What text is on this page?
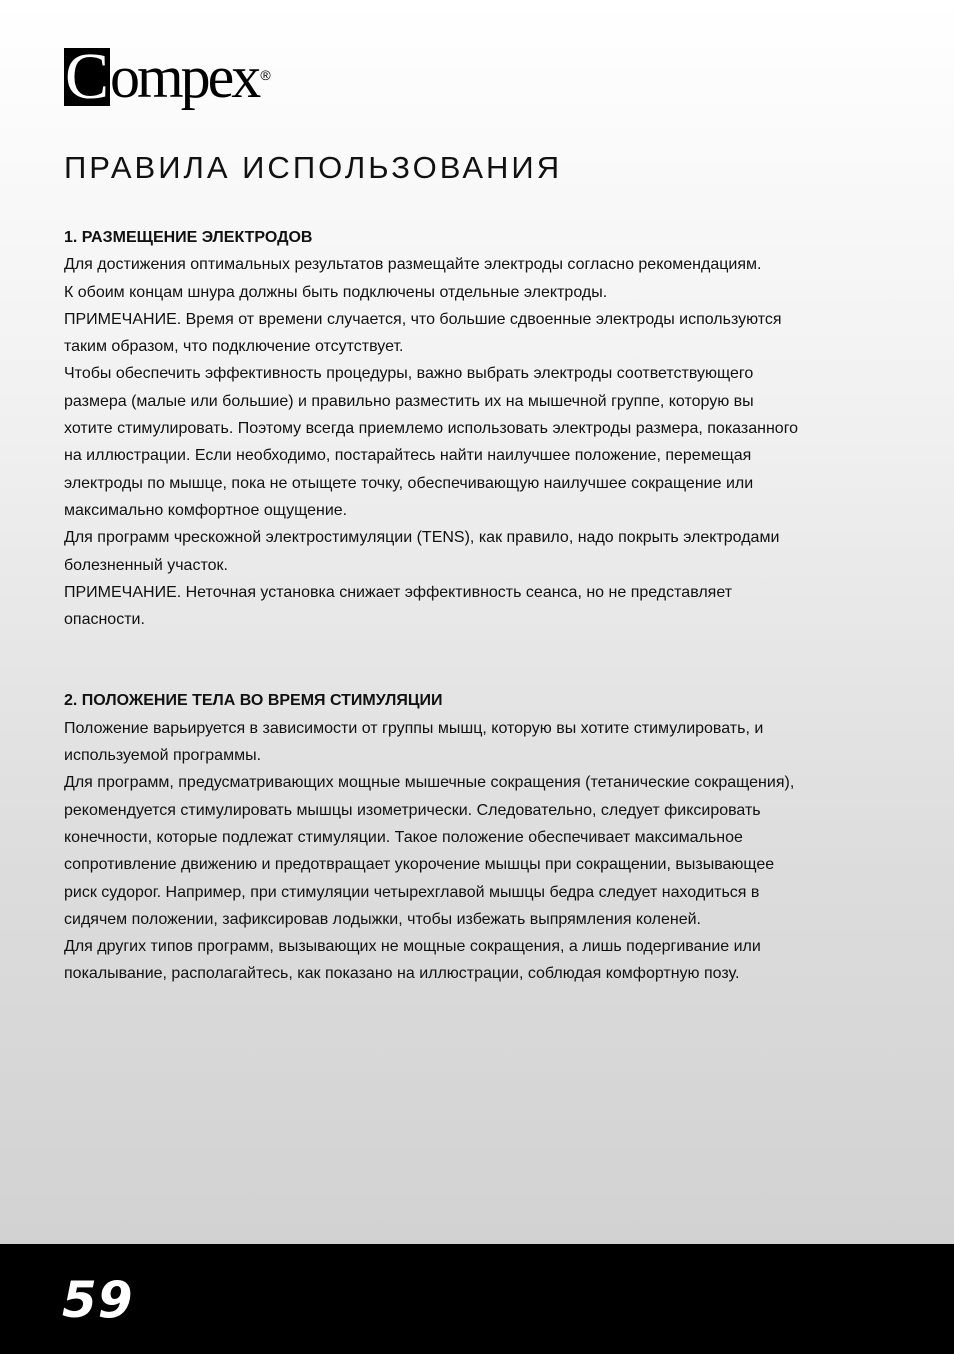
C ompex ®
ПРАВИЛА ИСПОЛЬЗОВАНИЯ

1. РАЗМЕЩЕНИЕ ЭЛЕКТРОДОВ

Для достижения оптимальных результатов размещайте электроды согласно рекомендациям.

К обоим концам шнура должны быть подключены отдельные электроды.

ПРИМЕЧАНИЕ. Время от времени случается, что большие сдвоенные электроды используются

таким образом, что подключение отсутствует.

Чтобы обеспечить эффективность процедуры, важно выбрать электроды соответствующего

размера (малые или большие) и правильно разместить их на мышечной группе, которую вы

хотите стимулировать. Поэтому всегда приемлемо использовать электроды размера, показанного

на иллюстрации. Если необходимо, постарайтесь найти наилучшее положение, перемещая

электроды по мышце, пока не отыщете точку, обеспечивающую наилучшее сокращение или

максимально комфортное ощущение.

Для программ чрескожной электростимуляции (TENS), как правило, надо покрыть электродами

болезненный участок.

ПРИМЕЧАНИЕ. Неточная установка снижает эффективность сеанса, но не представляет

опасности.

2. ПОЛОЖЕНИЕ ТЕЛА ВО ВРЕМЯ СТИМУЛЯЦИИ

Положение варьируется в зависимости от группы мышц, которую вы хотите стимулировать, и

используемой программы.

Для программ, предусматривающих мощные мышечные сокращения (тетанические сокращения),

рекомендуется стимулировать мышцы изометрически. Следовательно, следует фиксировать

конечности, которые подлежат стимуляции. Такое положение обеспечивает максимальное

сопротивление движению и предотвращает укорочение мышцы при сокращении, вызывающее

риск судорог. Например, при стимуляции четырехглавой мышцы бедра следует находиться в

сидячем положении, зафиксировав лодыжки, чтобы избежать выпрямления коленей.

Для других типов программ, вызывающих не мощные сокращения, а лишь подергивание или

покалывание, располагайтесь, как показано на иллюстрации, соблюдая комфортную позу.

59
